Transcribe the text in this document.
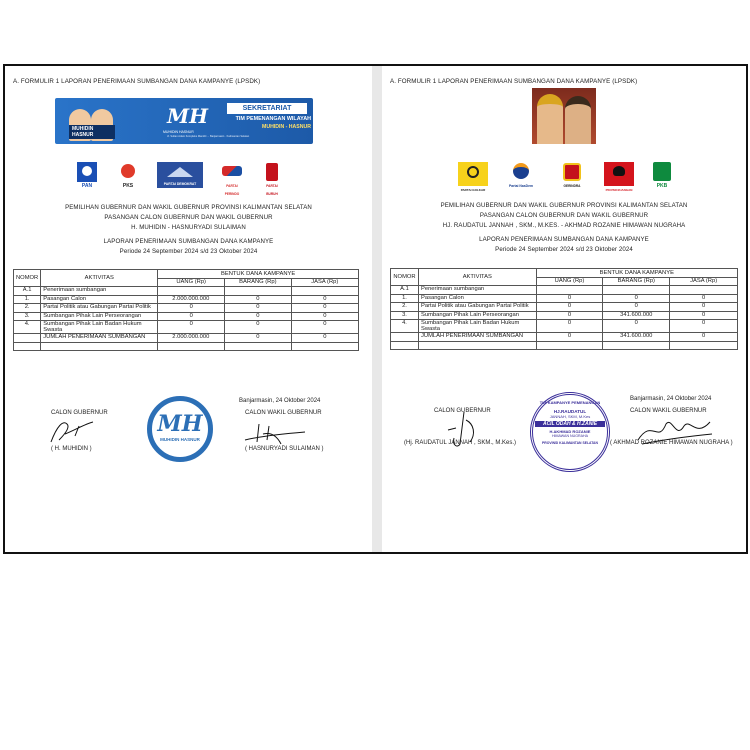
A. FORMULIR 1 LAPORAN PENERIMAAN SUMBANGAN DANA KAMPANYE (LPSDK)
MUHIDIN HASNUR
MH
MUHIDIN HASNUR
SEKRETARIAT
TIM PEMENANGAN WILAYAH
MUHIDIN - HASNUR
Jl. Sultan Adam Kompleks Mandiri ... Banjarmasin · Kalimantan Selatan
PAN	PKS	PARTAI DEMOKRAT	PARTAI PERINDO
PARTAI BURUH
PEMILIHAN GUBERNUR DAN WAKIL GUBERNUR PROVINSI KALIMANTAN SELATAN
PASANGAN CALON GUBERNUR DAN WAKIL GUBERNUR
H. MUHIDIN - HASNURYADI SULAIMAN
LAPORAN PENERIMAAN SUMBANGAN DANA KAMPANYE
Periode 24 September 2024 s/d 23 Oktober 2024
NOMOR	AKTIVITAS	BENTUK DANA KAMPANYE		
		UANG (Rp)	BARANG (Rp)	JASA (Rp)
A.1	Penerimaan sumbangan			
1.	Pasangan Calon	2.000.000.000	0	0
2.	Partai Politik atau Gabungan Partai Politik	0	0	0
3.	Sumbangan Pihak Lain Perseorangan	0	0	0
4.	Sumbangan Pihak Lain Badan Hukum Swasta	0	0	0
	JUMLAH PENERIMAAN SUMBANGAN	2.000.000.000	0	0

Banjarmasin, 24 Oktober 2024
CALON GUBERNUR	CALON WAKIL GUBERNUR
( H. MUHIDIN )	( HASNURYADI SULAIMAN )
MH
MUHIDIN HASNUR
A. FORMULIR 1 LAPORAN PENERIMAAN SUMBANGAN DANA KAMPANYE (LPSDK)
PARTAI GOLKAR
Partai NasDem	GERINDRA
PDI PERJUANGAN
PKB
PEMILIHAN GUBERNUR DAN WAKIL GUBERNUR PROVINSI KALIMANTAN SELATAN
PASANGAN CALON GUBERNUR DAN WAKIL GUBERNUR
HJ. RAUDATUL JANNAH , SKM., M.KES. - AKHMAD ROZANIE HIMAWAN NUGRAHA
LAPORAN PENERIMAAN SUMBANGAN DANA KAMPANYE
Periode 24 September 2024 s/d 23 Oktober 2024
NOMOR	AKTIVITAS	BENTUK DANA KAMPANYE		
		UANG (Rp)	BARANG (Rp)	JASA (Rp)
A.1	Penerimaan sumbangan			
1.	Pasangan Calon	0	0	0
2.	Partai Politik atau Gabungan Partai Politik	0	0	0
3.	Sumbangan Pihak Lain Perseorangan	0	341.600.000	0
4.	Sumbangan Pihak Lain Badan Hukum Swasta	0	0	0
	JUMLAH PENERIMAAN SUMBANGAN	0	341.600.000	0

Banjarmasin, 24 Oktober 2024
CALON GUBERNUR	CALON WAKIL GUBERNUR
(Hj. RAUDATUL JANNAH , SKM., M.Kes.)	( AKHMAD ROZANIE HIMAWAN NUGRAHA )
TIM KAMPANYE PEMENANGAN
HJ.RAUDATUL
JANNAH, SKM, M.Kes
ACIL ODAH & H.ZANIE
H.AKHMAD ROZANIE
HIMAWAN NUGRAHA
PROVINSI KALIMANTAN SELATAN
